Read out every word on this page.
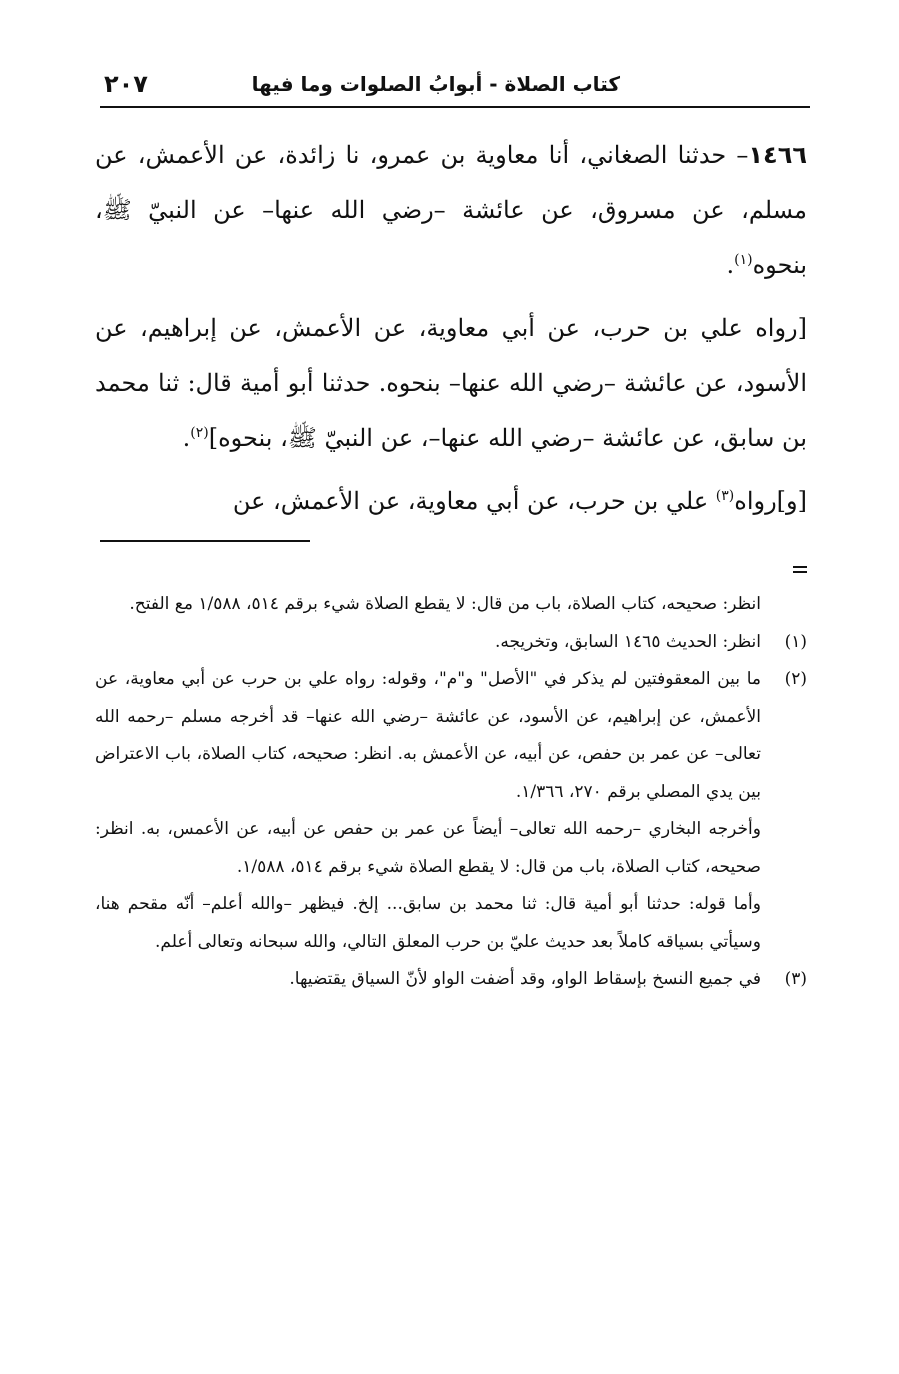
كتاب الصلاة - أبوابُ الصلوات وما فيها
٢٠٧

١٤٦٦– حدثنا الصغاني، أنا معاوية بن عمرو، نا زائدة، عن الأعمش، عن مسلم، عن مسروق، عن عائشة –رضي الله عنها– عن النبيّ ﷺ، بنحوه$^{(١)}$.

[رواه علي بن حرب، عن أبي معاوية، عن الأعمش، عن إبراهيم، عن الأسود، عن عائشة –رضي الله عنها– بنحوه. حدثنا أبو أمية قال: ثنا محمد بن سابق، عن عائشة –رضي الله عنها–، عن النبيّ ﷺ، بنحوه]$^{(٢)}$.

[و]رواه$^{(٣)}$ علي بن حرب، عن أبي معاوية، عن الأعمش، عن

انظر: صحيحه، كتاب الصلاة، باب من قال: لا يقطع الصلاة شيء برقم ٥١٤، ١/٥٨٨ مع الفتح.

(١)
انظر: الحديث ١٤٦٥ السابق، وتخريجه.

(٢)
ما بين المعقوفتين لم يذكر في "الأصل" و"م"، وقوله: رواه علي بن حرب عن أبي معاوية، عن الأعمش، عن إبراهيم، عن الأسود، عن عائشة –رضي الله عنها– قد أخرجه مسلم –رحمه الله تعالى– عن عمر بن حفص، عن أبيه، عن الأعمش به. انظر: صحيحه، كتاب الصلاة، باب الاعتراض بين يدي المصلي برقم ٢٧٠، ١/٣٦٦.

وأخرجه البخاري –رحمه الله تعالى– أيضاً عن عمر بن حفص عن أبيه، عن الأعمس، به. انظر: صحيحه، كتاب الصلاة، باب من قال: لا يقطع الصلاة شيء برقم ٥١٤، ١/٥٨٨.

وأما قوله: حدثنا أبو أمية قال: ثنا محمد بن سابق... إلخ. فيظهر –والله أعلم– أنّه مقحم هنا، وسيأتي بسياقه كاملاً بعد حديث عليّ بن حرب المعلق التالي، والله سبحانه وتعالى أعلم.

(٣)
في جميع النسخ بإسقاط الواو، وقد أضفت الواو لأنّ السياق يقتضيها.
